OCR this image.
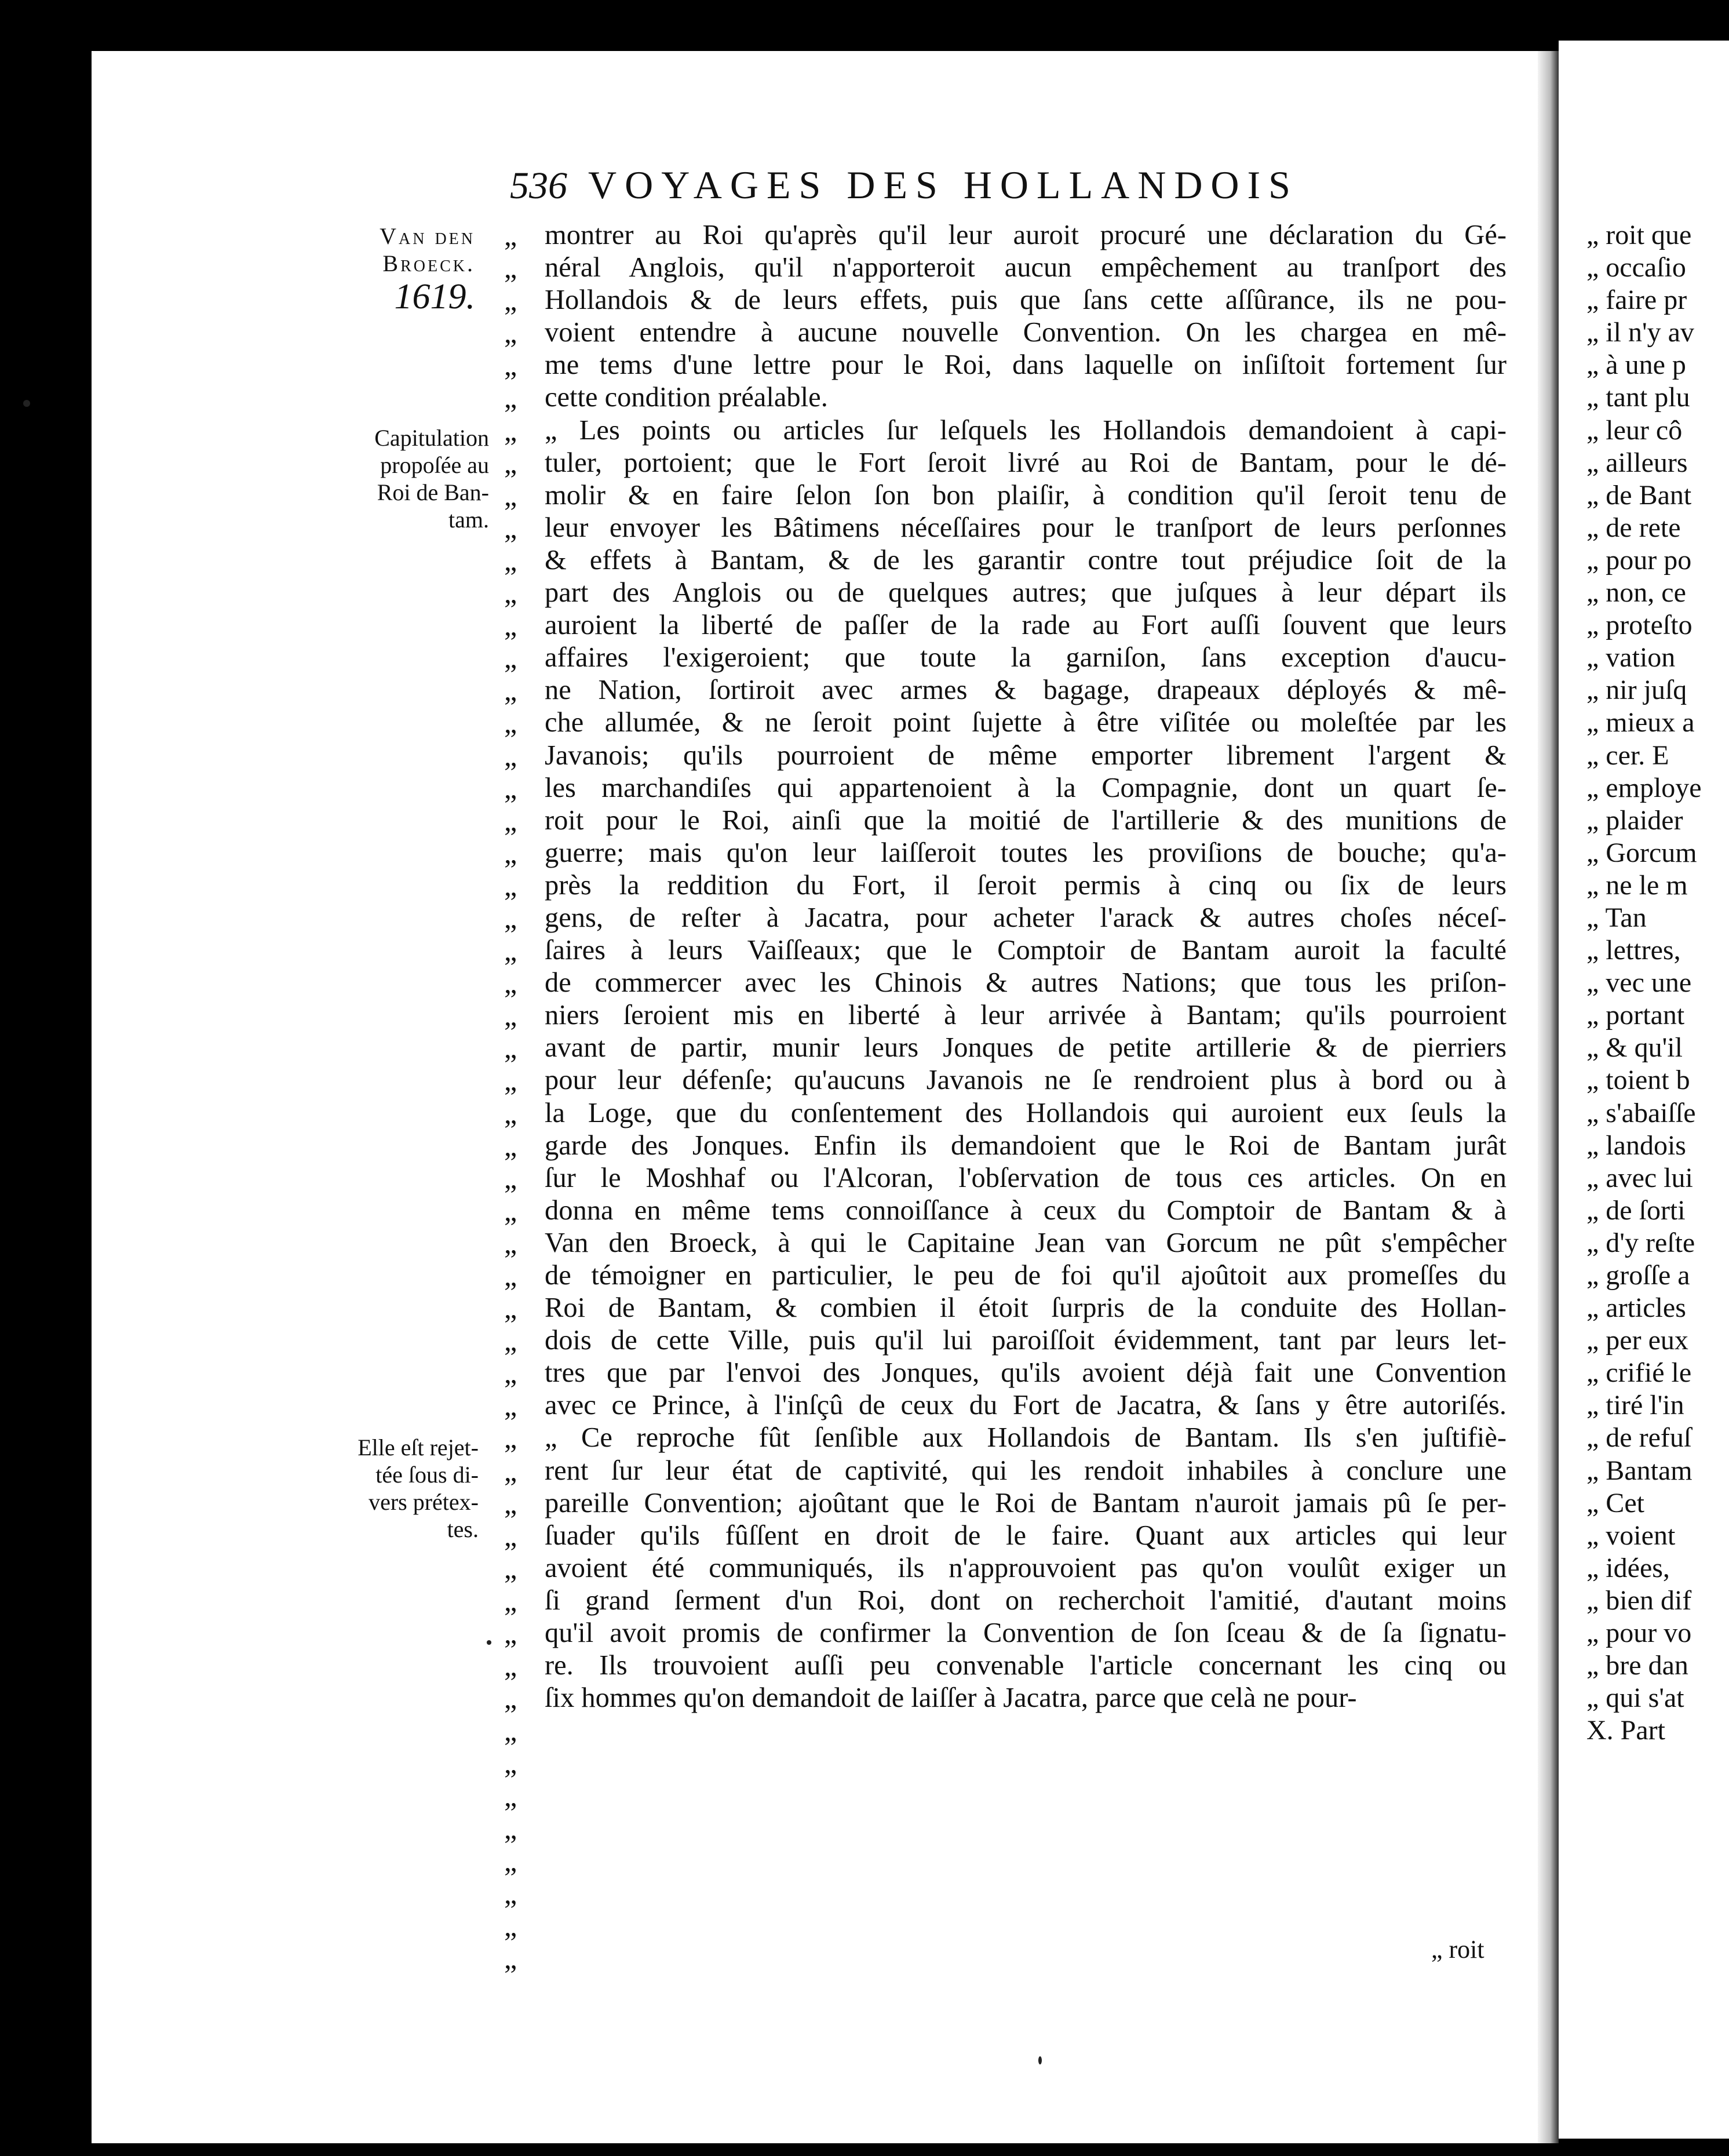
536 VOYAGES DES HOLLANDOIS
Van den
Broeck.
1619.
Capitulation
propoſée au
Roi de Ban-
tam.
Elle eſt rejet-
tée ſous di-
vers prétex-
tes.
„
„
„
„
„
„
„
„
„
„
„
„
„
„
„
„
„
„
„
„
„
„
„
„
„
„
„
„
„
„
„
„
„
„
„
„
„
„
„
„
„
„
„
„
„
„
„
„
„
„
„
„
„
„
montrer au Roi qu'après qu'il leur auroit procuré une déclaration du Gé-
néral Anglois, qu'il n'apporteroit aucun empêchement au tranſport des
Hollandois & de leurs effets, puis que ſans cette aſſûrance, ils ne pou-
voient entendre à aucune nouvelle Convention. On les chargea en mê-
me tems d'une lettre pour le Roi, dans laquelle on inſiſtoit fortement ſur
cette condition préalable.
„ Les points ou articles ſur leſquels les Hollandois demandoient à capi-
tuler, portoient; que le Fort ſeroit livré au Roi de Bantam, pour le dé-
molir & en faire ſelon ſon bon plaiſir, à condition qu'il ſeroit tenu de
leur envoyer les Bâtimens néceſſaires pour le tranſport de leurs perſonnes
& effets à Bantam, & de les garantir contre tout préjudice ſoit de la
part des Anglois ou de quelques autres; que juſques à leur départ ils
auroient la liberté de paſſer de la rade au Fort auſſi ſouvent que leurs
affaires l'exigeroient; que toute la garniſon, ſans exception d'aucu-
ne Nation, ſortiroit avec armes & bagage, drapeaux déployés & mê-
che allumée, & ne ſeroit point ſujette à être viſitée ou moleſtée par les
Javanois; qu'ils pourroient de même emporter librement l'argent &
les marchandiſes qui appartenoient à la Compagnie, dont un quart ſe-
roit pour le Roi, ainſi que la moitié de l'artillerie & des munitions de
guerre; mais qu'on leur laiſſeroit toutes les proviſions de bouche; qu'a-
près la reddition du Fort, il ſeroit permis à cinq ou ſix de leurs
gens, de reſter à Jacatra, pour acheter l'arack & autres choſes néceſ-
ſaires à leurs Vaiſſeaux; que le Comptoir de Bantam auroit la faculté
de commercer avec les Chinois & autres Nations; que tous les priſon-
niers ſeroient mis en liberté à leur arrivée à Bantam; qu'ils pourroient
avant de partir, munir leurs Jonques de petite artillerie & de pierriers
pour leur défenſe; qu'aucuns Javanois ne ſe rendroient plus à bord ou à
la Loge, que du conſentement des Hollandois qui auroient eux ſeuls la
garde des Jonques. Enfin ils demandoient que le Roi de Bantam jurât
ſur le Moshhaf ou l'Alcoran, l'obſervation de tous ces articles. On en
donna en même tems connoiſſance à ceux du Comptoir de Bantam & à
Van den Broeck, à qui le Capitaine Jean van Gorcum ne pût s'empêcher
de témoigner en particulier, le peu de foi qu'il ajoûtoit aux promeſſes du
Roi de Bantam, & combien il étoit ſurpris de la conduite des Hollan-
dois de cette Ville, puis qu'il lui paroiſſoit évidemment, tant par leurs let-
tres que par l'envoi des Jonques, qu'ils avoient déjà fait une Convention
avec ce Prince, à l'inſçû de ceux du Fort de Jacatra, & ſans y être autoriſés.
„ Ce reproche fût ſenſible aux Hollandois de Bantam. Ils s'en juſtifiè-
rent ſur leur état de captivité, qui les rendoit inhabiles à conclure une
pareille Convention; ajoûtant que le Roi de Bantam n'auroit jamais pû ſe per-
ſuader qu'ils fûſſent en droit de le faire. Quant aux articles qui leur
avoient été communiqués, ils n'approuvoient pas qu'on voulût exiger un
ſi grand ſerment d'un Roi, dont on recherchoit l'amitié, d'autant moins
qu'il avoit promis de confirmer la Convention de ſon ſceau & de ſa ſignatu-
re. Ils trouvoient auſſi peu convenable l'article concernant les cinq ou
ſix hommes qu'on demandoit de laiſſer à Jacatra, parce que celà ne pour-
„ roit
„ roit que
„ occaſio
„ faire pr
„ il n'y av
„ à une p
„ tant plu
„ leur cô
„ ailleurs
„ de Bant
„ de rete
„ pour po
„ non, ce
„ proteſto
„ vation
„ nir juſq
„ mieux a
„ cer. E
„ employe
„ plaider
„ Gorcum
„ ne le m
„ Tan
„ lettres,
„ vec une
„ portant
„ & qu'il
„ toient b
„ s'abaiſſe
„ landois
„ avec lui
„ de ſorti
„ d'y reſte
„ groſſe a
„ articles
„ per eux
„ crifié le
„ tiré l'in
„ de refuſ
„ Bantam
„ Cet
„ voient
„ idées,
„ bien dif
„ pour vo
„ bre dan
„ qui s'at
X. Part
